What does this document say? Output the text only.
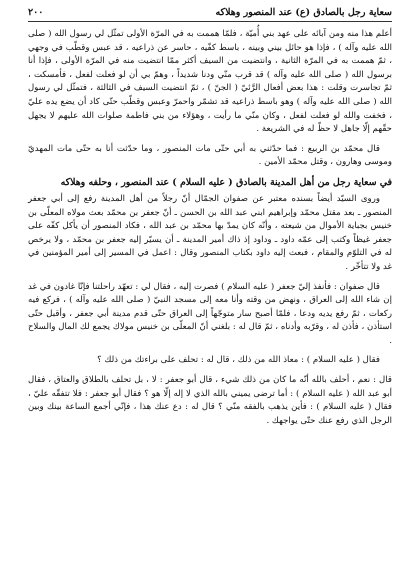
سعاية رجل بالصادق (ع) عند المنصور وهلاكه
٢٠٠

أعلم هذا منه ومن آبائه على عهد بني أُميّة ، فلمّا هممت به في المرّة الأولى تمثّل لي رسول الله ( صلى الله عليه وآله ) ، فإذا هو حائل بيني وبينه ، باسط كفّيه ، حاسر عن ذراعيه ، قد عبس وقطّب في وجهي ، ثمّ هممت به في المرّة الثانية ، وانتضيت من السيف أكثر ممّا انتضيت منه في المرّة الأولى ، فإذا أنا برسول الله ( صلى الله عليه وآله ) قد قرب منّي ودنا شديداً ، وهمّ بي أن لو فعلت لفعل ، فأمسكت ، ثمّ تجاسرت وقلت : هذا بعض أفعال الرَّئيّ ( الجنّ ) ، ثمّ انتضيت السيف في الثالثة ، فتمثّل لي رسول الله ( صلى الله عليه وآله ) وهو باسط ذراعيه قد تشمّر واحمرّ وعبس وقطّب حتّى كاد أن يضع يده عليّ ، فخفت والله لو فعلت لفعل ، وكان منّي ما رأيت ، وهؤلاء من بني فاطمة صلوات الله عليهم لا يجهل حقّهم إلّا جاهل لا حظّ له في الشريعة .

قال محمّد بن الربيع : فما حدّثني به أبي حتّى مات المنصور ، وما حدّثت أنا به حتّى مات المهديّ وموسى وهارون ، وقتل محمّد الأمين .

في سعاية رجل من أهل المدينة بالصادق ( عليه السلام ) عند المنصور ، وحلفه وهلاكه

وروى السيّد أيضاً بسنده معتبر عن صفوان الجمّال أنّ رجلاً من أهل المدينة رفع إلى أبي جعفر المنصور ـ بعد مقتل محمّد وإبراهيم ابني عبد الله بن الحسن ـ أنّ جعفر بن محمّد بعث مولاه المعلّى بن خنيس بجباية الأموال من شيعته ، وأنّه كان يمدّ بها محمّد بن عبد الله ، فكاد المنصور أن يأكل كفّه على جعفر غيظاً وكتب إلى عمّه داود ـ وداود إذ ذاك أمير المدينة ـ أن يسيّر إليه جعفر بن محمّد ، ولا يرخص له في التلوّم والمقام ، فبعث إليه داود بكتاب المنصور وقال : اعمل في المسير إلى أمير المؤمنين في غد ولا تتأخّر .

قال صفوان : فأنفذ إليّ جعفر ( عليه السلام ) فصرت إليه ، فقال لي : تعهّد راحلتنا فإنّا غادون في غد إن شاء الله إلى العراق ، ونهض من وقته وأنا معه إلى مسجد النبيّ ( صلى الله عليه وآله ) ، فركع فيه ركعات ، ثمّ رفع يديه ودعا ، فلمّا أصبح سار متوجّهاً إلى العراق حتّى قدم مدينة أبي جعفر ، وأقبل حتّى استأذن ، فأذن له ، وقرّبه وأدناه ، ثمّ قال له : بلغني أنّ المعلّى بن خنيس مولاك يجمع لك المال والسلاح .

فقال ( عليه السلام ) : معاذ الله من ذلك ، قال له : تحلف على براءتك من ذلك ؟

قال : نعم ، أحلف بالله أنّه ما كان من ذلك شيء ، قال أبو جعفر : لا ، بل تحلف بالطلاق والعتاق ، فقال أبو عبد الله ( عليه السلام ) : أما ترضى يميني بالله الذي لا إله إلّا هو ؟ فقال أبو جعفر : فلا تتفقّه عليّ ، فقال ( عليه السلام ) : فأين يذهب بالفقه منّي ؟ قال له : دع عنك هذا ، فإنّي أجمع الساعة بينك وبين الرجل الذي رفع عنك حتّى يواجهك .
